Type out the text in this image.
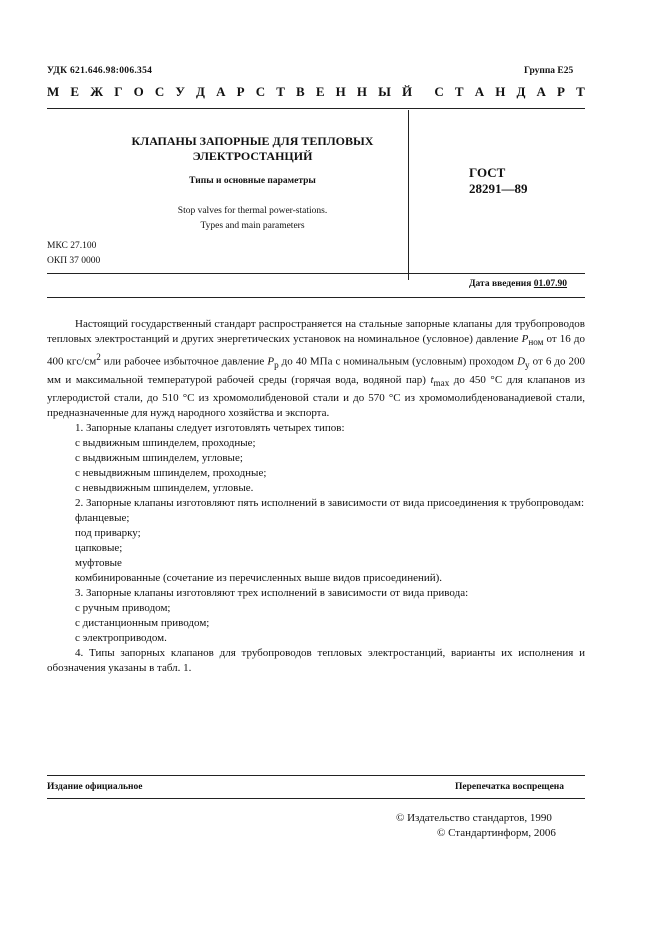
УДК 621.646.98:006.354	Группа Е25
М Е Ж Г О С У Д А Р С Т В Е Н Н Ы Й С Т А Н Д А Р Т
КЛАПАНЫ ЗАПОРНЫЕ ДЛЯ ТЕПЛОВЫХ ЭЛЕКТРОСТАНЦИЙ
Типы и основные параметры
Stop valves for thermal power-stations.
Types and main parameters
ГОСТ
28291—89
МКС 27.100
ОКП 37 0000
Дата введения 01.07.90

Настоящий государственный стандарт распространяется на стальные запорные клапаны для трубопроводов тепловых электростанций и других энергетических установок на номинальное (условное) давление $P_{ном}$ от 16 до 400 кгс/$см^2$ или рабочее избыточное давление $P_р$ до 40 МПа с номинальным (условным) проходом $D_y$ от 6 до 200 мм и максимальной температурой рабочей среды (горячая вода, водяной пар) $t_{max}$ до 450 °С для клапанов из углеродистой стали, до 510 °С из хромомолибденовой стали и до 570 °С из хромомолибденованадиевой стали, предназначенные для нужд народного хозяйства и экспорта.

1. Запорные клапаны следует изготовлять четырех типов:

с выдвижным шпинделем, проходные;

с выдвижным шпинделем, угловые;

с невыдвижным шпинделем, проходные;

с невыдвижным шпинделем, угловые.

2. Запорные клапаны изготовляют пять исполнений в зависимости от вида присоединения к трубопроводам:

фланцевые;

под приварку;

цапковые;

муфтовые

комбинированные (сочетание из перечисленных выше видов присоединений).

3. Запорные клапаны изготовляют трех исполнений в зависимости от вида привода:

с ручным приводом;

с дистанционным приводом;

с электроприводом.

4. Типы запорных клапанов для трубопроводов тепловых электростанций, варианты их исполнения и обозначения указаны в табл. 1.

Издание официальное	Перепечатка воспрещена
© Издательство стандартов, 1990
© Стандартинформ, 2006
